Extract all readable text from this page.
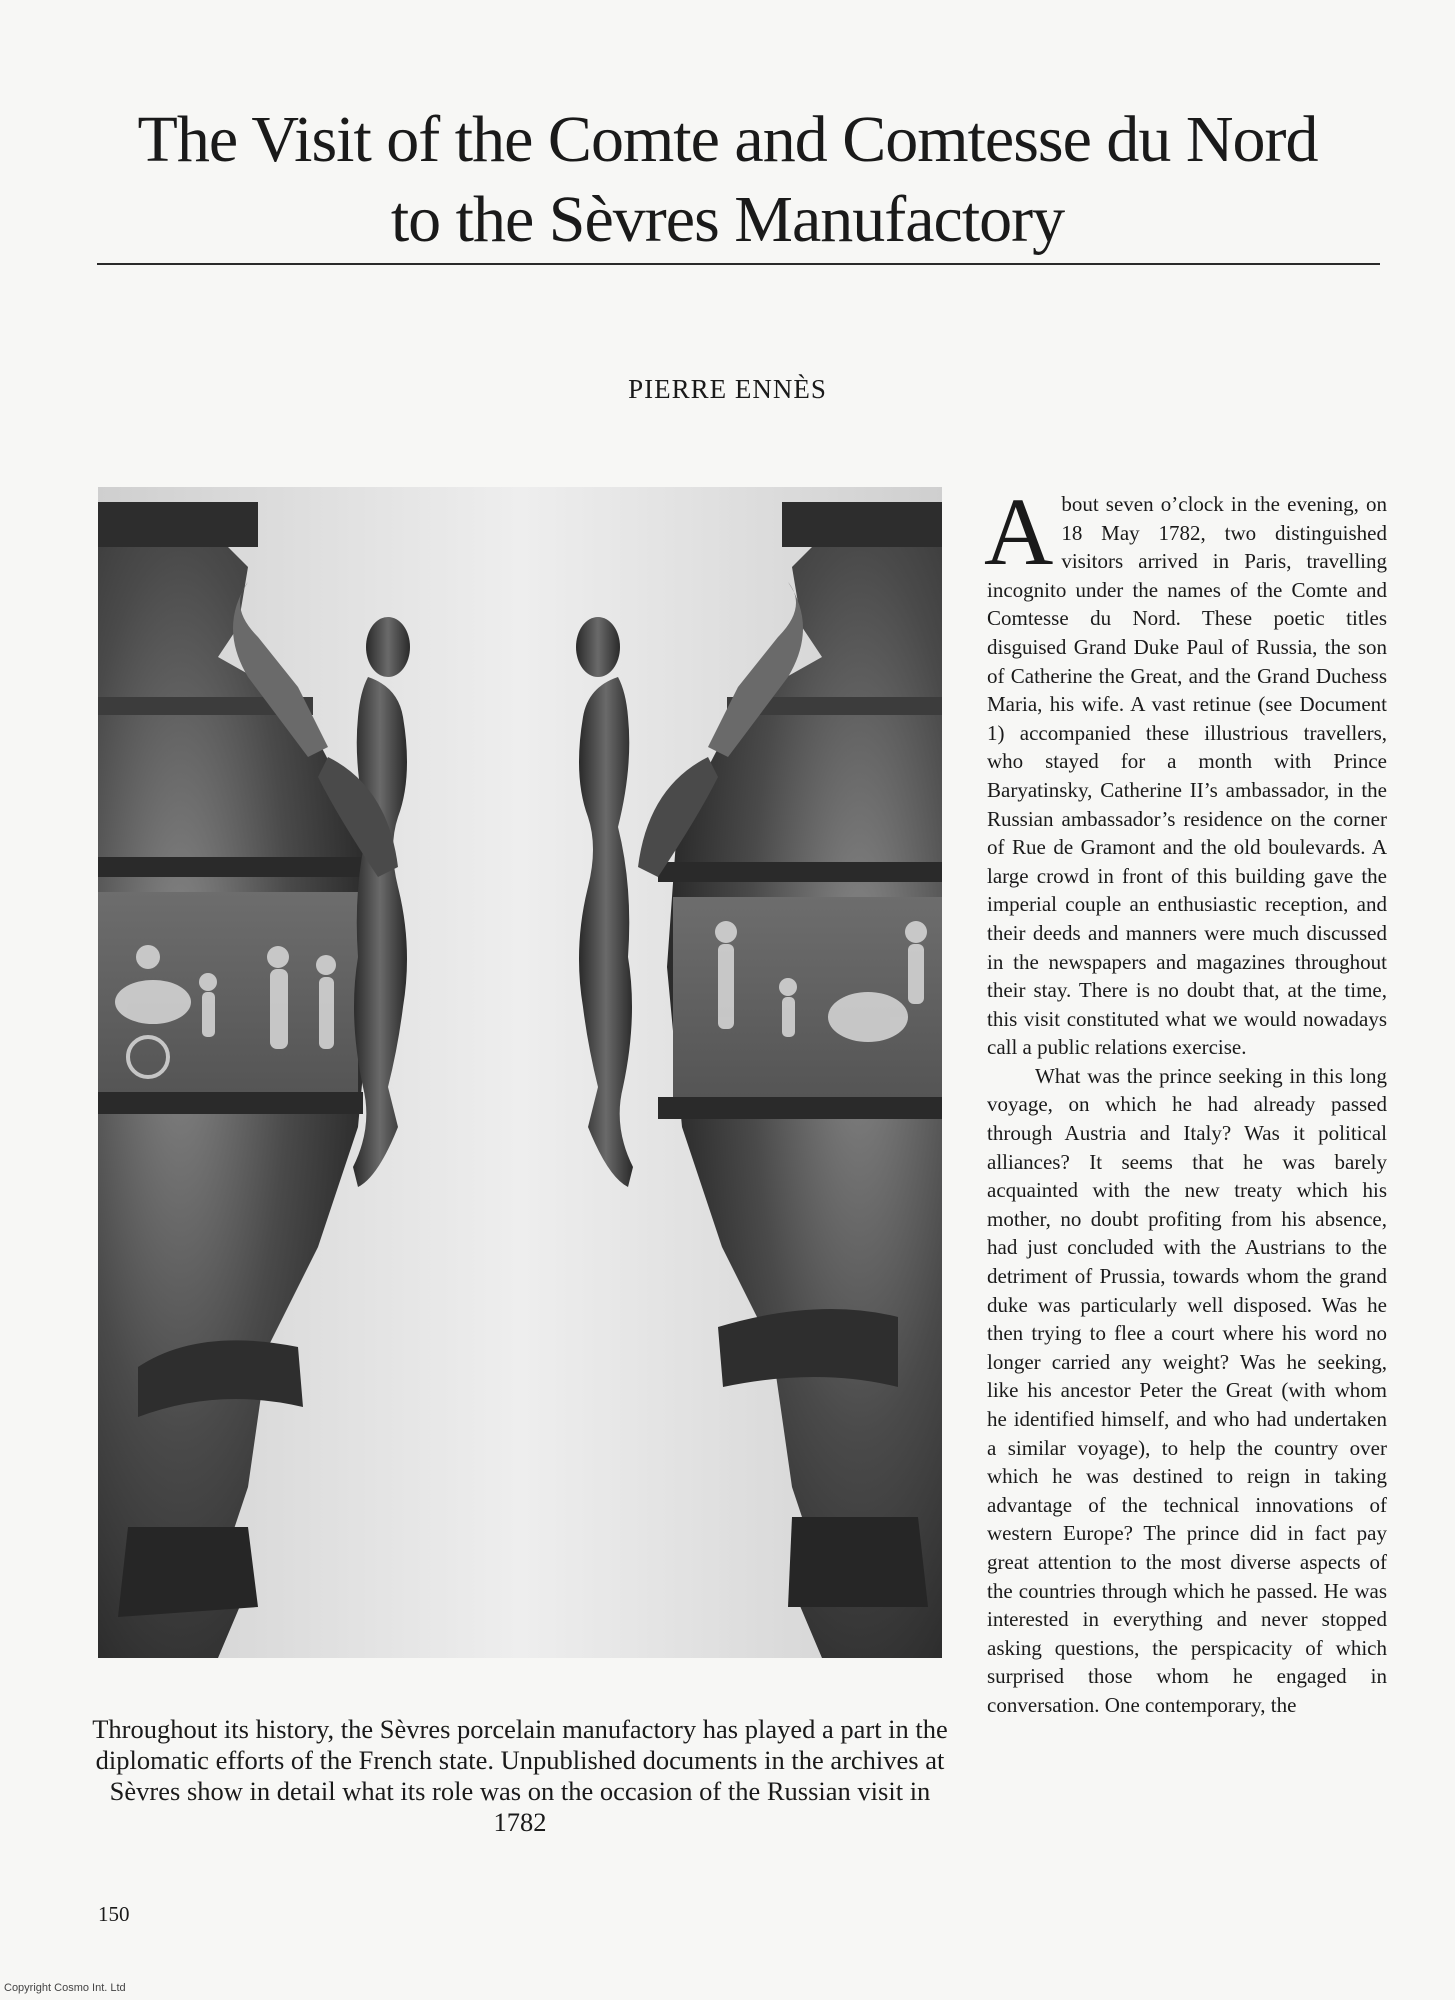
The Visit of the Comte and Comtesse du Nord
to the Sèvres Manufactory
PIERRE ENNÈS
Throughout its history, the Sèvres porcelain manufactory has played a part in the diplomatic efforts of the French state. Unpublished documents in the archives at Sèvres show in detail what its role was on the occasion of the Russian visit in 1782

About seven o’clock in the evening, on 18 May 1782, two distinguished visitors arrived in Paris, travelling incognito under the names of the Comte and Comtesse du Nord. These poetic titles disguised Grand Duke Paul of Russia, the son of Catherine the Great, and the Grand Duchess Maria, his wife. A vast retinue (see Document 1) accompanied these illustrious travellers, who stayed for a month with Prince Baryatinsky, Catherine II’s ambassador, in the Russian ambassador’s residence on the corner of Rue de Gramont and the old boulevards. A large crowd in front of this building gave the imperial couple an enthusiastic reception, and their deeds and manners were much discussed in the newspapers and magazines throughout their stay. There is no doubt that, at the time, this visit constituted what we would nowadays call a public relations exercise.

What was the prince seeking in this long voyage, on which he had already passed through Austria and Italy? Was it political alliances? It seems that he was barely acquainted with the new treaty which his mother, no doubt profiting from his absence, had just concluded with the Austrians to the detriment of Prussia, towards whom the grand duke was particularly well disposed. Was he then trying to flee a court where his word no longer carried any weight? Was he seeking, like his ancestor Peter the Great (with whom he identified himself, and who had undertaken a similar voyage), to help the country over which he was destined to reign in taking advantage of the technical innovations of western Europe? The prince did in fact pay great attention to the most diverse aspects of the countries through which he passed. He was interested in everything and never stopped asking questions, the perspicacity of which surprised those whom he engaged in conversation. One contemporary, the

150
Copyright Cosmo Int. Ltd
